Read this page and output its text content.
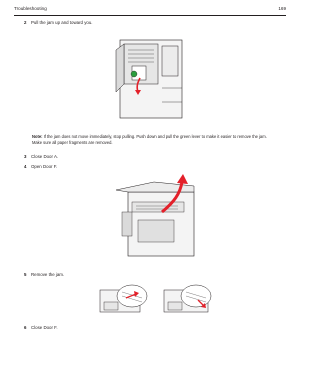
Troubleshooting	169
2 Pull the jam up and toward you.
Note: If the jam does not move immediately, stop pulling. Push down and pull the green lever to make it easier to remove the jam. Make sure all paper fragments are removed.
3 Close Door A.
4 Open Door F.
5 Remove the jam.
6 Close Door F.
